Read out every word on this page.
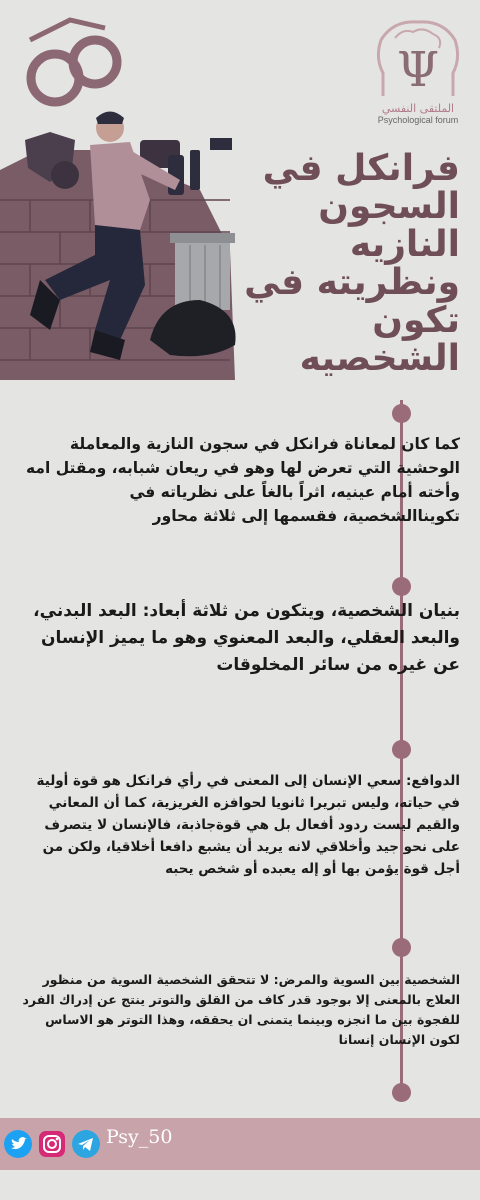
Ψ
الملتقى النفسي
Psychological forum
فرانكل في
السجون النازيه
ونظريته في تكون
الشخصيه
كما كان لمعاناة فرانكل في سجون النازية والمعاملة الوحشية التي تعرض لها وهو في ريعان شبابه، ومقتل امه وأخته أمام عينيه، اثراً بالغاً على نظرياته في تكويناالشخصية، فقسمها إلى ثلاثة محاور
بنيان الشخصية، ويتكون من ثلاثة أبعاد: البعد البدني، والبعد العقلي، والبعد المعنوي وهو ما يميز الإنسان عن غيره من سائر المخلوقات
الدوافع: سعي الإنسان إلى المعنى في رأي فرانكل هو قوة أولية في حياته، وليس تبريرا ثانويا لحوافزه الغريزية، كما أن المعاني والقيم ليست ردود أفعال بل هي قوةجاذبة، فالإنسان لا يتصرف على نحو جيد وأخلاقي لانه يريد أن يشبع دافعا أخلاقيا، ولكن من أجل قوة يؤمن بها أو إله يعبده أو شخص يحبه
الشخصية بين السوية والمرض: لا تتحقق الشخصية السوية من منظور العلاج بالمعنى إلا بوجود قدر كاف من القلق والتوتر ينتج عن إدراك الفرد للفجوة بين ما انجزه وبينما يتمنى ان يحققه، وهذا التوتر هو الاساس لكون الإنسان إنسانا
Psy_50
